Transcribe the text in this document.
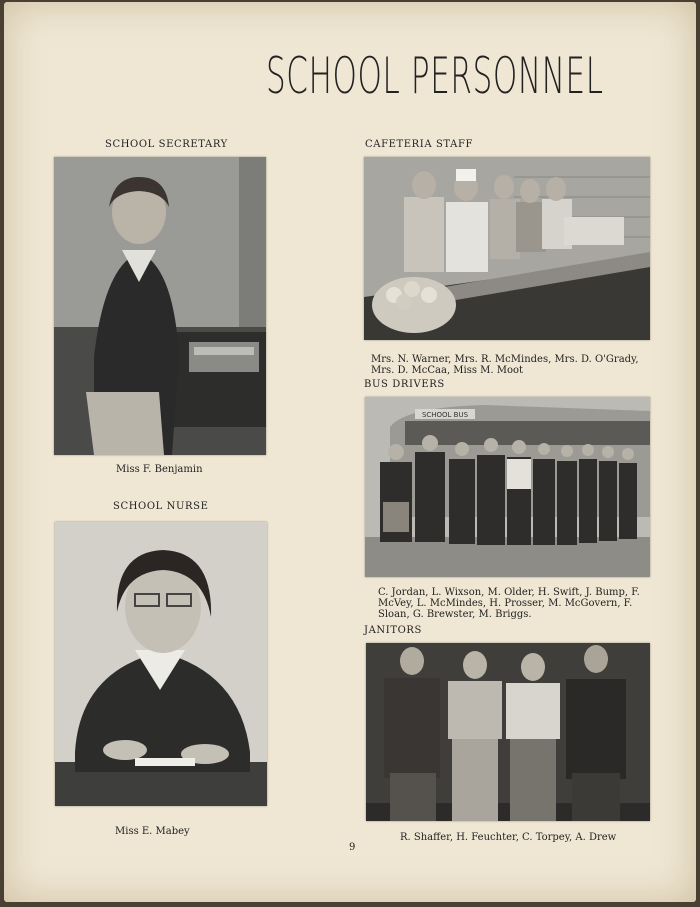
SCHOOL PERSONNEL

SCHOOL SECRETARY

Miss F. Benjamin

SCHOOL NURSE

Miss E. Mabey

CAFETERIA STAFF

Mrs. N. Warner, Mrs. R. McMindes, Mrs. D. O'Grady, Mrs. D. McCaa, Miss M. Moot

BUS DRIVERS

SCHOOL BUS

C. Jordan, L. Wixson, M. Older, H. Swift, J. Bump, F. McVey, L. McMindes, H. Prosser, M. McGovern, F. Sloan, G. Brewster, M. Briggs.

JANITORS

R. Shaffer, H. Feuchter, C. Torpey, A. Drew

9
